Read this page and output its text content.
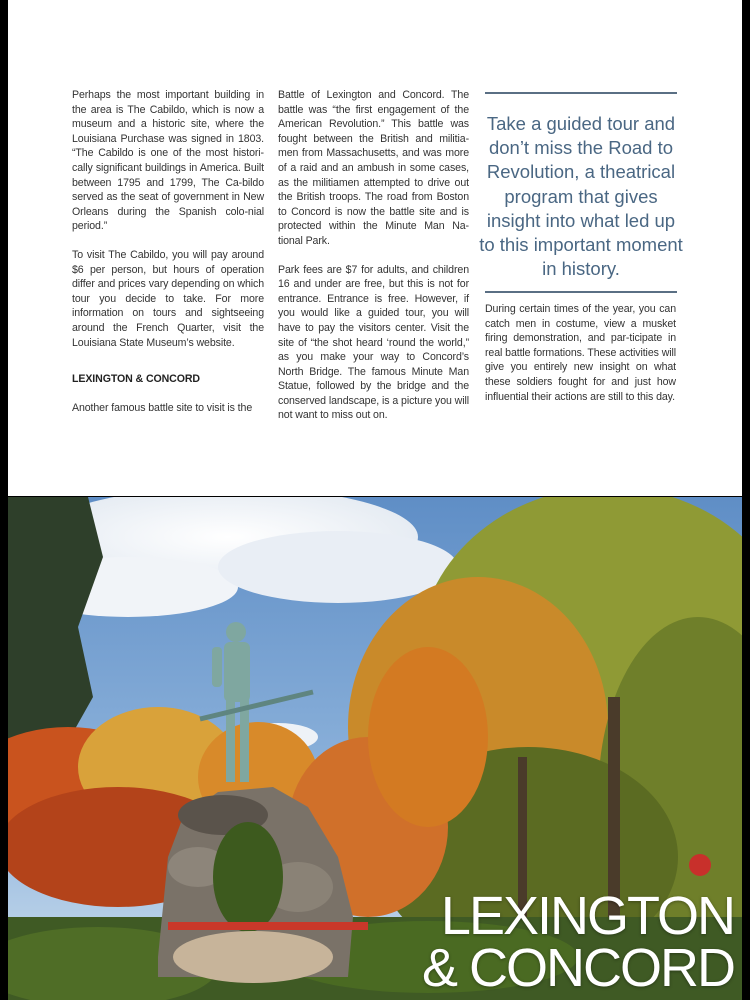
Perhaps the most important building in the area is The Cabildo, which is now a museum and a historic site, where the Louisiana Purchase was signed in 1803. “The Cabildo is one of the most histori-cally significant buildings in America. Built between 1795 and 1799, The Ca-bildo served as the seat of government in New Orleans during the Spanish colo-nial period.”

To visit The Cabildo, you will pay around $6 per person, but hours of operation differ and prices vary depending on which tour you decide to take. For more information on tours and sightseeing around the French Quarter, visit the Louisiana State Museum’s website.

LEXINGTON & CONCORD

Another famous battle site to visit is the

Battle of Lexington and Concord. The battle was “the first engagement of the American Revolution.” This battle was fought between the British and militia-men from Massachusetts, and was more of a raid and an ambush in some cases, as the militiamen attempted to drive out the British troops. The road from Boston to Concord is now the battle site and is protected within the Minute Man Na-tional Park.

Park fees are $7 for adults, and children 16 and under are free, but this is not for entrance. Entrance is free. However, if you would like a guided tour, you will have to pay the visitors center. Visit the site of “the shot heard ‘round the world,” as you make your way to Concord’s North Bridge. The famous Minute Man Statue, followed by the bridge and the conserved landscape, is a picture you will not want to miss out on.

Take a guided tour and don’t miss the Road to Revolution, a theatrical program that gives insight into what led up to this important moment in history.

During certain times of the year, you can catch men in costume, view a musket firing demonstration, and par-ticipate in real battle formations. These activities will give you entirely new insight on what these soldiers fought for and just how influential their actions are still to this day.

LEXINGTON
& CONCORD
